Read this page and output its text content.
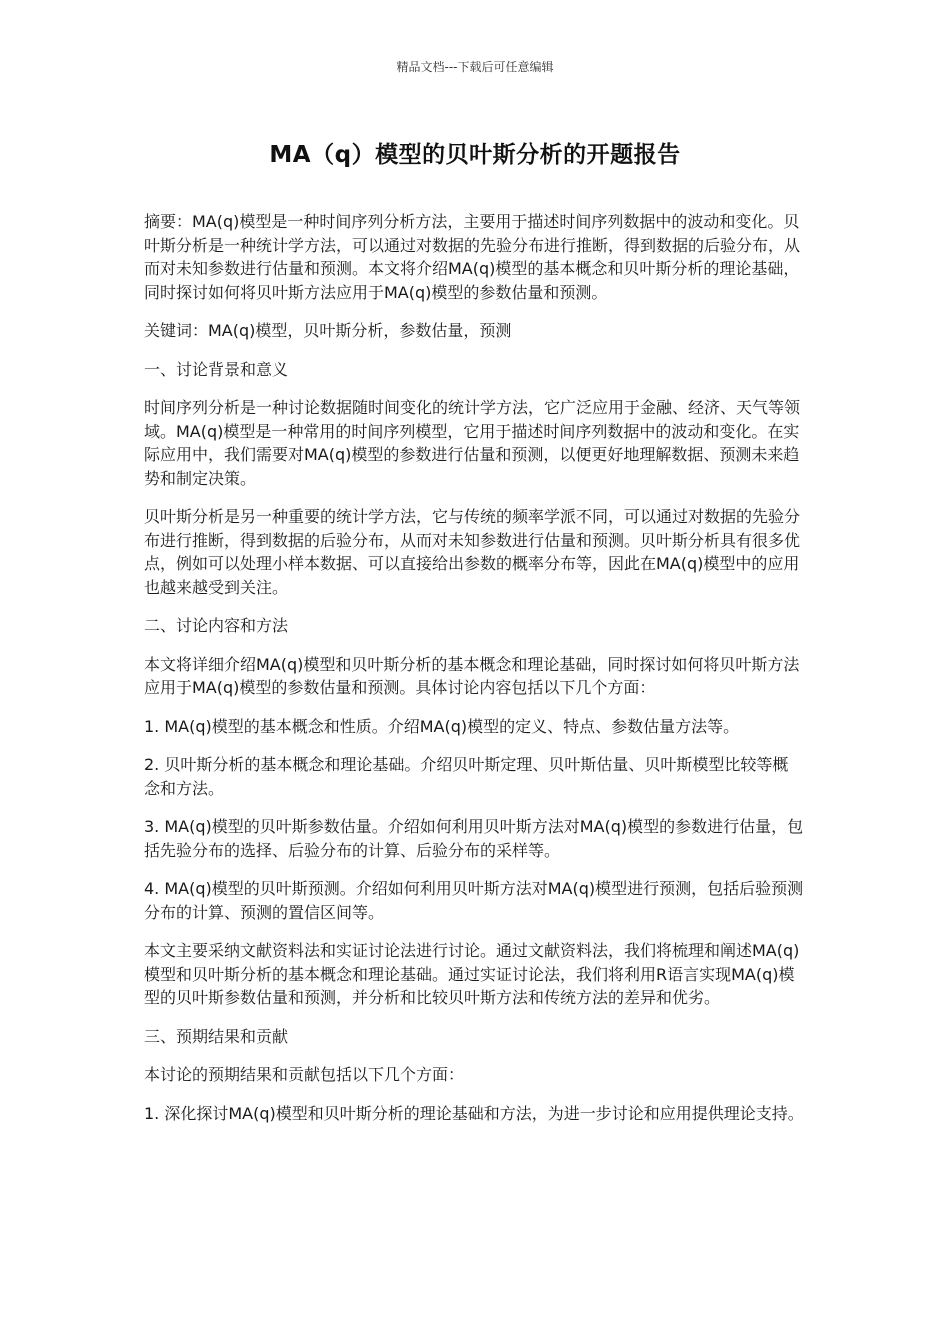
精品文档---下载后可任意编辑
MA（q）模型的贝叶斯分析的开题报告

摘要：MA(q)模型是一种时间序列分析方法，主要用于描述时间序列数据中的波动和变化。贝叶斯分析是一种统计学方法，可以通过对数据的先验分布进行推断，得到数据的后验分布，从而对未知参数进行估量和预测。本文将介绍MA(q)模型的基本概念和贝叶斯分析的理论基础，同时探讨如何将贝叶斯方法应用于MA(q)模型的参数估量和预测。

关键词：MA(q)模型，贝叶斯分析，参数估量，预测

一、讨论背景和意义

时间序列分析是一种讨论数据随时间变化的统计学方法，它广泛应用于金融、经济、天气等领域。MA(q)模型是一种常用的时间序列模型，它用于描述时间序列数据中的波动和变化。在实际应用中，我们需要对MA(q)模型的参数进行估量和预测，以便更好地理解数据、预测未来趋势和制定决策。

贝叶斯分析是另一种重要的统计学方法，它与传统的频率学派不同，可以通过对数据的先验分布进行推断，得到数据的后验分布，从而对未知参数进行估量和预测。贝叶斯分析具有很多优点，例如可以处理小样本数据、可以直接给出参数的概率分布等，因此在MA(q)模型中的应用也越来越受到关注。

二、讨论内容和方法

本文将详细介绍MA(q)模型和贝叶斯分析的基本概念和理论基础，同时探讨如何将贝叶斯方法应用于MA(q)模型的参数估量和预测。具体讨论内容包括以下几个方面：

1. MA(q)模型的基本概念和性质。介绍MA(q)模型的定义、特点、参数估量方法等。

2. 贝叶斯分析的基本概念和理论基础。介绍贝叶斯定理、贝叶斯估量、贝叶斯模型比较等概念和方法。

3. MA(q)模型的贝叶斯参数估量。介绍如何利用贝叶斯方法对MA(q)模型的参数进行估量，包括先验分布的选择、后验分布的计算、后验分布的采样等。

4. MA(q)模型的贝叶斯预测。介绍如何利用贝叶斯方法对MA(q)模型进行预测，包括后验预测分布的计算、预测的置信区间等。

本文主要采纳文献资料法和实证讨论法进行讨论。通过文献资料法，我们将梳理和阐述MA(q)模型和贝叶斯分析的基本概念和理论基础。通过实证讨论法，我们将利用R语言实现MA(q)模型的贝叶斯参数估量和预测，并分析和比较贝叶斯方法和传统方法的差异和优劣。

三、预期结果和贡献

本讨论的预期结果和贡献包括以下几个方面：

1. 深化探讨MA(q)模型和贝叶斯分析的理论基础和方法，为进一步讨论和应用提供理论支持。
